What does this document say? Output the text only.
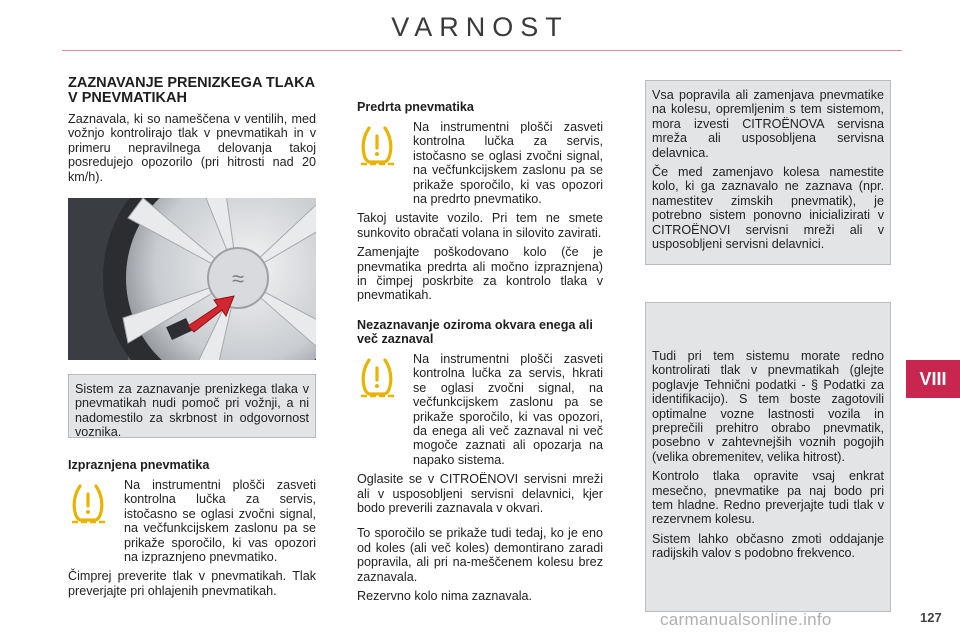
VARNOST
VIII
ZAZNAVANJE PRENIZKEGA TLAKA V PNEVMATIKAH

Zaznavala, ki so nameščena v ventilih, med vožnjo kontrolirajo tlak v pnevmatikah in v primeru nepravilnega delovanja takoj posredujejo opozorilo (pri hitrosti nad 20 km/h).

≈

Sistem za zaznavanje prenizkega tlaka v pnevmatikah nudi pomoč pri vožnji, a ni nadomestilo za skrbnost in odgovornost voznika.

Izpraznjena pnevmatika

Na instrumentni plošči zasveti kontrolna lučka za servis, istočasno se oglasi zvočni signal, na večfunkcijskem zaslonu pa se prikaže sporočilo, ki vas opozori na izpraznjeno pnevmatiko.

Čimprej preverite tlak v pnevmatikah. Tlak preverjajte pri ohlajenih pnevmatikah.

Predrta pnevmatika

Na instrumentni plošči zasveti kontrolna lučka za servis, istočasno se oglasi zvočni signal, na večfunkcijskem zaslonu pa se prikaže sporočilo, ki vas opozori na predrto pnevmatiko.

Takoj ustavite vozilo. Pri tem ne smete sunkovito obračati volana in silovito zavirati.

Zamenjajte poškodovano kolo (če je pnevmatika predrta ali močno izpraznjena) in čimpej poskrbite za kontrolo tlaka v pnevmatikah.

Nezaznavanje oziroma okvara enega ali več zaznaval

Na instrumentni plošči zasveti kontrolna lučka za servis, hkrati se oglasi zvočni signal, na večfunkcijskem zaslonu pa se prikaže sporočilo, ki vas opozori, da enega ali več zaznaval ni več mogoče zaznati ali opozarja na napako sistema.

Oglasite se v CITROËNOVI servisni mreži ali v usposobljeni servisni delavnici, kjer bodo preverili zaznavala v okvari.

To sporočilo se prikaže tudi tedaj, ko je eno od koles (ali več koles) demontirano zaradi popravila, ali pri na-meščenem kolesu brez zaznavala.

Rezervno kolo nima zaznavala.

Vsa popravila ali zamenjava pnevmatike na kolesu, opremljenim s tem sistemom, mora izvesti CITROËNOVA servisna mreža ali usposobljena servisna delavnica.

Če med zamenjavo kolesa namestite kolo, ki ga zaznavalo ne zaznava (npr. namestitev zimskih pnevmatik), je potrebno sistem ponovno inicializirati v CITROËNOVI servisni mreži ali v usposobljeni servisni delavnici.

Tudi pri tem sistemu morate redno kontrolirati tlak v pnevmatikah (glejte poglavje Tehnični podatki - § Podatki za identifikacijo). S tem boste zagotovili optimalne vozne lastnosti vozila in preprečili prehitro obrabo pnevmatik, posebno v zahtevnejših voznih pogojih (velika obremenitev, velika hitrost).

Kontrolo tlaka opravite vsaj enkrat mesečno, pnevmatike pa naj bodo pri tem hladne. Redno preverjajte tudi tlak v rezervnem kolesu.

Sistem lahko občasno zmoti oddajanje radijskih valov s podobno frekvenco.

carmanualsonline.info	127
